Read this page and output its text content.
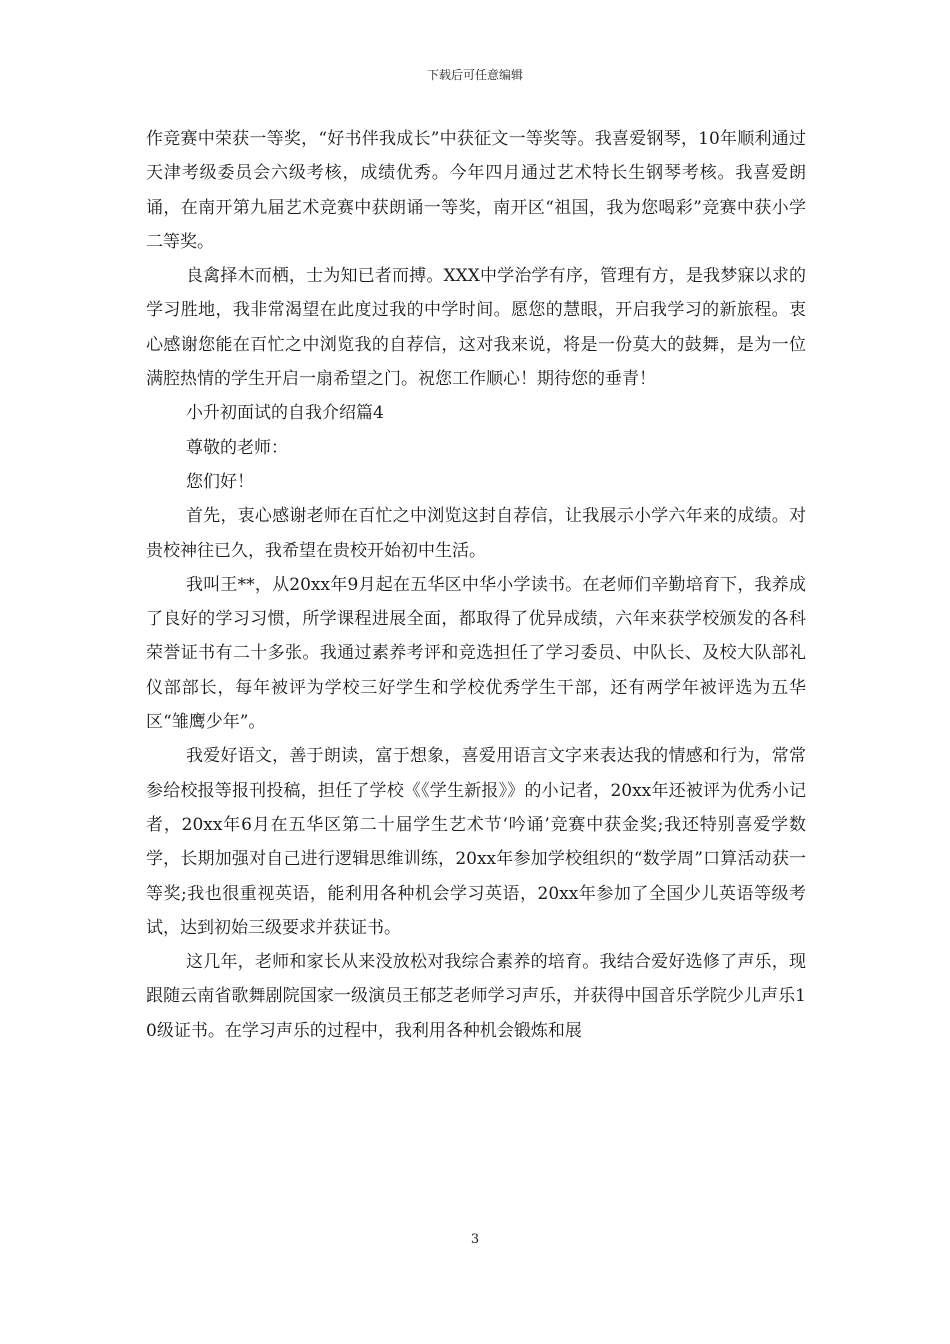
下载后可任意编辑

作竞赛中荣获一等奖，“好书伴我成长”中获征文一等奖等。我喜爱钢琴，10年顺利通过天津考级委员会六级考核，成绩优秀。今年四月通过艺术特长生钢琴考核。我喜爱朗诵，在南开第九届艺术竞赛中获朗诵一等奖，南开区“祖国，我为您喝彩”竞赛中获小学二等奖。

良禽择木而栖，士为知已者而搏。XXX中学治学有序，管理有方，是我梦寐以求的学习胜地，我非常渴望在此度过我的中学时间。愿您的慧眼，开启我学习的新旅程。衷心感谢您能在百忙之中浏览我的自荐信，这对我来说，将是一份莫大的鼓舞，是为一位满腔热情的学生开启一扇希望之门。祝您工作顺心！期待您的垂青！

小升初面试的自我介绍篇4

尊敬的老师：

您们好！

首先，衷心感谢老师在百忙之中浏览这封自荐信，让我展示小学六年来的成绩。对贵校神往已久，我希望在贵校开始初中生活。

我叫王**，从20xx年9月起在五华区中华小学读书。在老师们辛勤培育下，我养成了良好的学习习惯，所学课程进展全面，都取得了优异成绩，六年来获学校颁发的各科荣誉证书有二十多张。我通过素养考评和竞选担任了学习委员、中队长、及校大队部礼仪部部长，每年被评为学校三好学生和学校优秀学生干部，还有两学年被评选为五华区“雏鹰少年”。

我爱好语文，善于朗读，富于想象，喜爱用语言文字来表达我的情感和行为，常常参给校报等报刊投稿，担任了学校《《学生新报》》的小记者，20xx年还被评为优秀小记者，20xx年6月在五华区第二十届学生艺术节‘吟诵’竞赛中获金奖;我还特别喜爱学数学，长期加强对自己进行逻辑思维训练，20xx年参加学校组织的“数学周”口算活动获一等奖;我也很重视英语，能利用各种机会学习英语，20xx年参加了全国少儿英语等级考试，达到初始三级要求并获证书。

这几年，老师和家长从来没放松对我综合素养的培育。我结合爱好选修了声乐，现跟随云南省歌舞剧院国家一级演员王郁芝老师学习声乐，并获得中国音乐学院少儿声乐10级证书。在学习声乐的过程中，我利用各种机会锻炼和展

3
